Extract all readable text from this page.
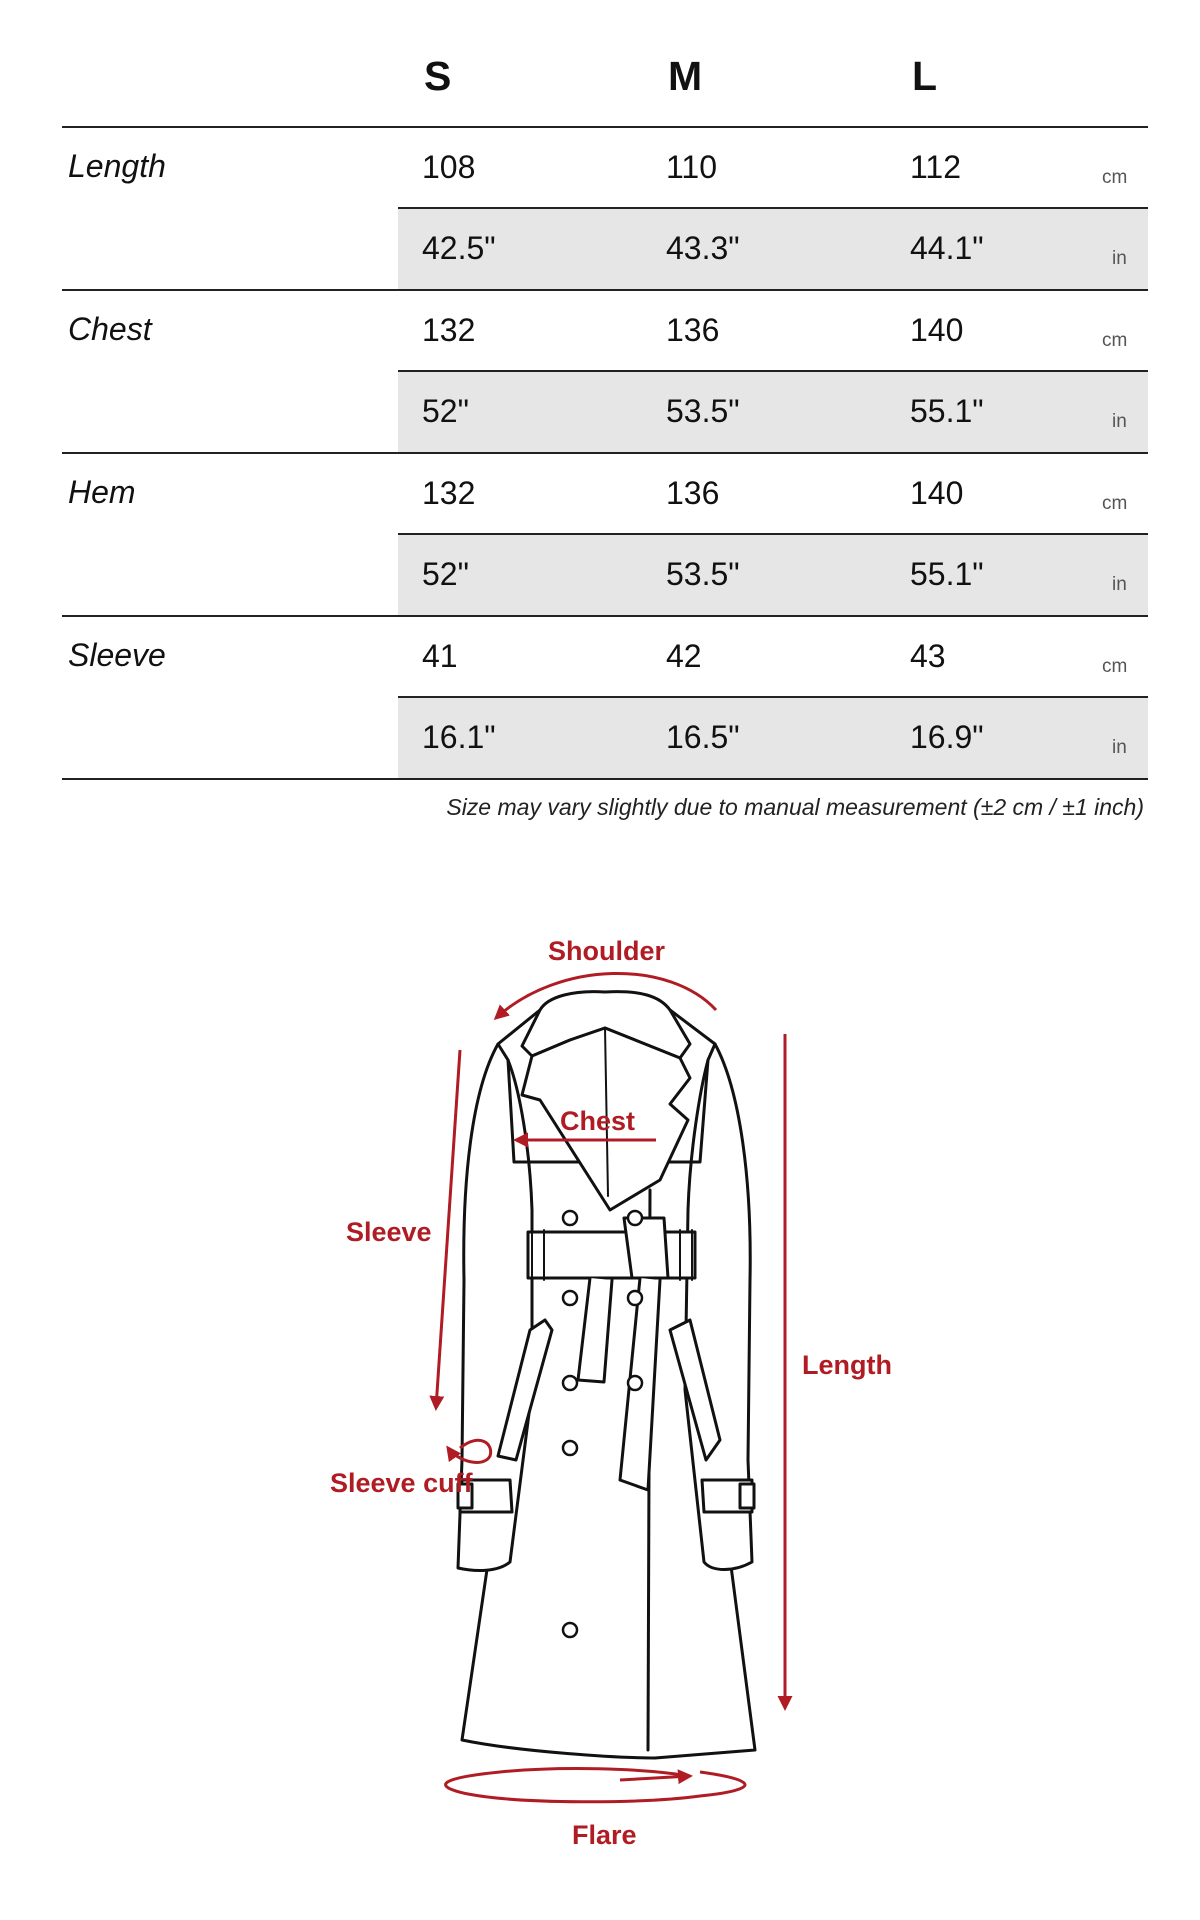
S	M	L
Length	108	110	112	cm
42.5"	43.3"	44.1"	in
Chest	132	136	140	cm
52"	53.5"	55.1"	in
Hem	132	136	140	cm
52"	53.5"	55.1"	in
Sleeve	41	42	43	cm
16.1"	16.5"	16.9"	in
Size may vary slightly due to manual measurement (±2 cm / ±1 inch)
Shoulder
Chest
Sleeve
Length
Sleeve cuff
Flare
